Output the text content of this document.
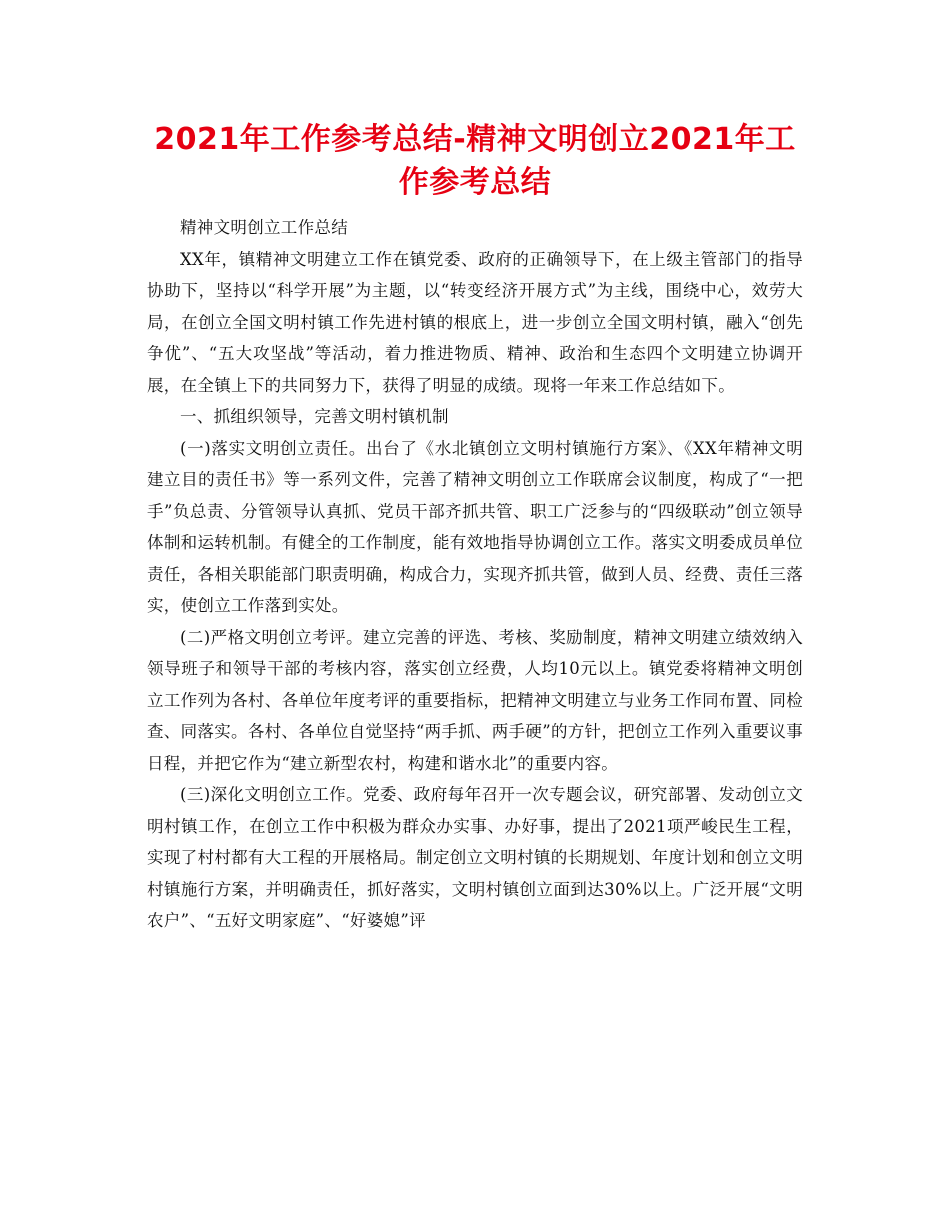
2021年工作参考总结-精神文明创立2021年工作参考总结

精神文明创立工作总结

XX年，镇精神文明建立工作在镇党委、政府的正确领导下，在上级主管部门的指导协助下，坚持以“科学开展”为主题，以“转变经济开展方式”为主线，围绕中心，效劳大局，在创立全国文明村镇工作先进村镇的根底上，进一步创立全国文明村镇，融入“创先争优”、“五大攻坚战”等活动，着力推进物质、精神、政治和生态四个文明建立协调开展，在全镇上下的共同努力下，获得了明显的成绩。现将一年来工作总结如下。

一、抓组织领导，完善文明村镇机制

(一)落实文明创立责任。出台了《水北镇创立文明村镇施行方案》、《XX年精神文明建立目的责任书》等一系列文件，完善了精神文明创立工作联席会议制度，构成了“一把手”负总责、分管领导认真抓、党员干部齐抓共管、职工广泛参与的“四级联动”创立领导体制和运转机制。有健全的工作制度，能有效地指导协调创立工作。落实文明委成员单位责任，各相关职能部门职责明确，构成合力，实现齐抓共管，做到人员、经费、责任三落实，使创立工作落到实处。

(二)严格文明创立考评。建立完善的评选、考核、奖励制度，精神文明建立绩效纳入领导班子和领导干部的考核内容，落实创立经费，人均10元以上。镇党委将精神文明创立工作列为各村、各单位年度考评的重要指标，把精神文明建立与业务工作同布置、同检查、同落实。各村、各单位自觉坚持“两手抓、两手硬”的方针，把创立工作列入重要议事日程，并把它作为“建立新型农村，构建和谐水北”的重要内容。

(三)深化文明创立工作。党委、政府每年召开一次专题会议，研究部署、发动创立文明村镇工作，在创立工作中积极为群众办实事、办好事，提出了2021项严峻民生工程，实现了村村都有大工程的开展格局。制定创立文明村镇的长期规划、年度计划和创立文明村镇施行方案，并明确责任，抓好落实，文明村镇创立面到达30%以上。广泛开展“文明农户”、“五好文明家庭”、“好婆媳”评
